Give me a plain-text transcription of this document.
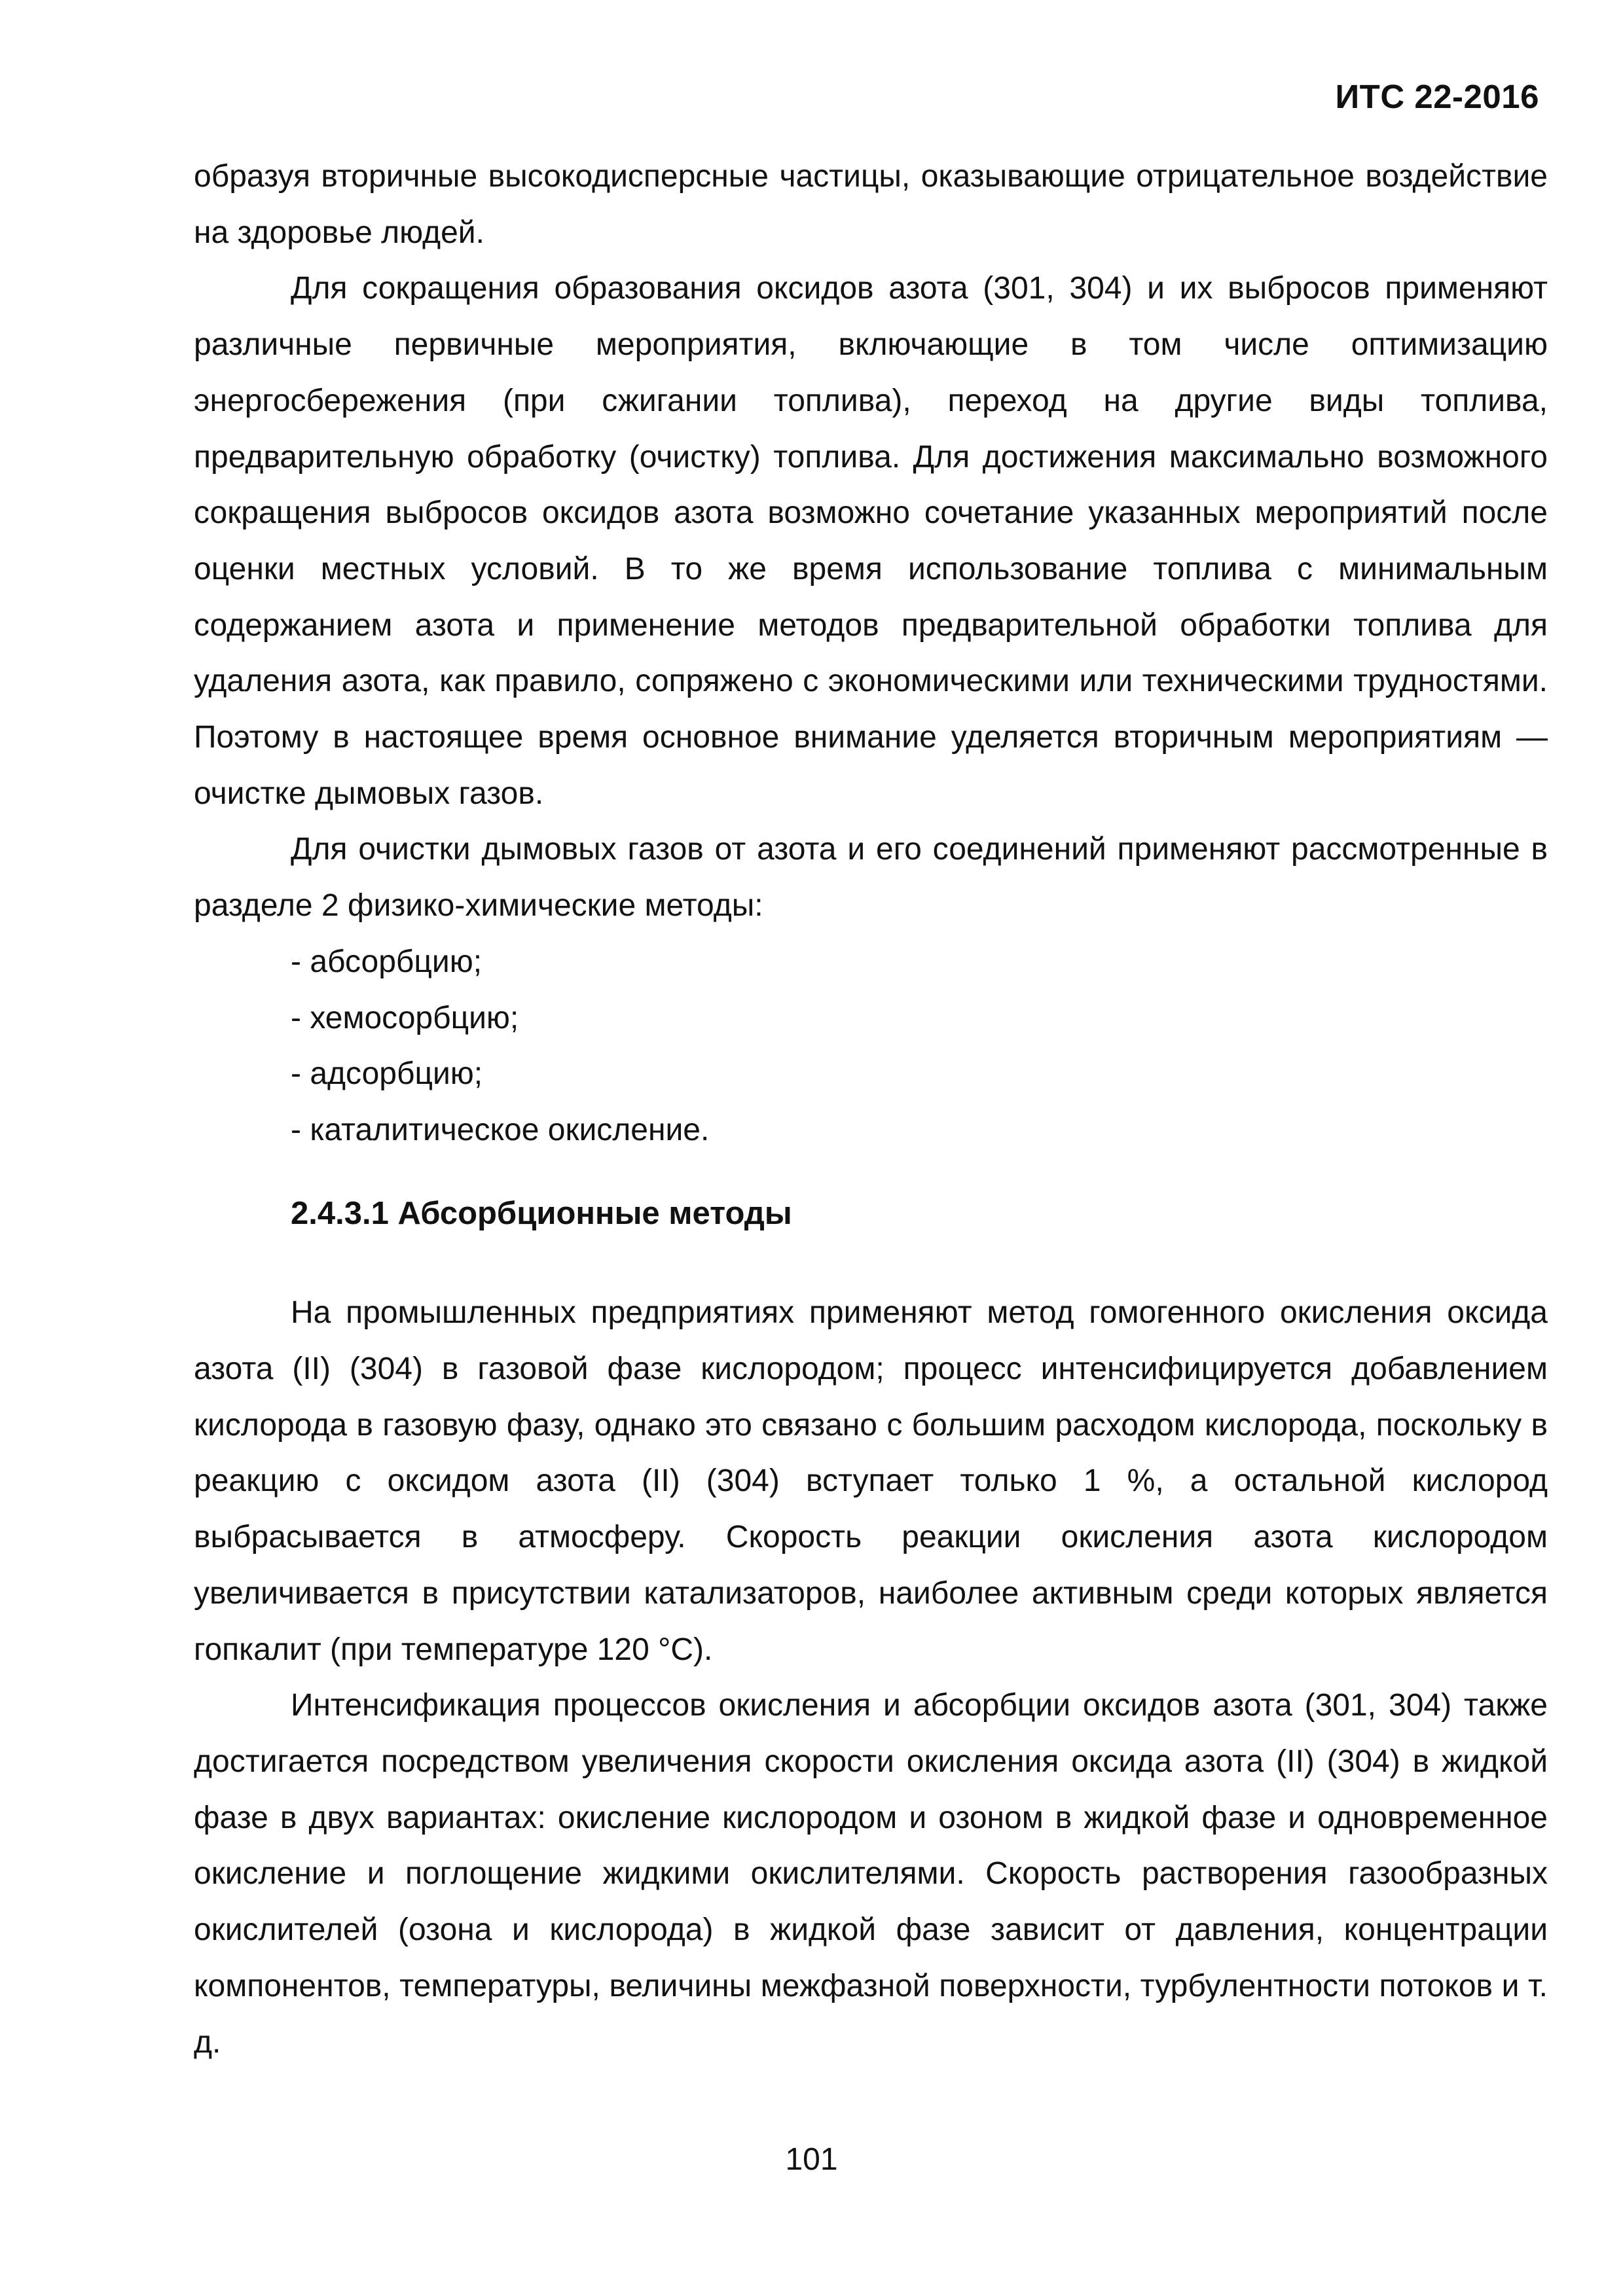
ИТС 22-2016

образуя вторичные высокодисперсные частицы, оказывающие отрицательное воздействие на здоровье людей.

Для сокращения образования оксидов азота (301, 304) и их выбросов применяют различные первичные мероприятия, включающие в том числе оптимизацию энергосбережения (при сжигании топлива), переход на другие виды топлива, предварительную обработку (очистку) топлива. Для достижения максимально возможного сокращения выбросов оксидов азота возможно сочетание указанных мероприятий после оценки местных условий. В то же время использование топлива с минимальным содержанием азота и применение методов предварительной обработки топлива для удаления азота, как правило, сопряжено с экономическими или техническими трудностями. Поэтому в настоящее время основное внимание уделяется вторичным мероприятиям — очистке дымовых газов.

Для очистки дымовых газов от азота и его соединений применяют рассмотренные в разделе 2 физико-химические методы:

- абсорбцию;
- хемосорбцию;
- адсорбцию;
- каталитическое окисление.

2.4.3.1 Абсорбционные методы

На промышленных предприятиях применяют метод гомогенного окисления оксида азота (II) (304) в газовой фазе кислородом; процесс интенсифицируется добавлением кислорода в газовую фазу, однако это связано с большим расходом кислорода, поскольку в реакцию с оксидом азота (II) (304) вступает только 1 %, а остальной кислород выбрасывается в атмосферу. Скорость реакции окисления азота кислородом увеличивается в присутствии катализаторов, наиболее активным среди которых является гопкалит (при температуре 120 °С).

Интенсификация процессов окисления и абсорбции оксидов азота (301, 304) также достигается посредством увеличения скорости окисления оксида азота (II) (304) в жидкой фазе в двух вариантах: окисление кислородом и озоном в жидкой фазе и одновременное окисление и поглощение жидкими окислителями. Скорость растворения газообразных окислителей (озона и кислорода) в жидкой фазе зависит от давления, концентрации компонентов, температуры, величины межфазной поверхности, турбулентности потоков и т. д.

101
